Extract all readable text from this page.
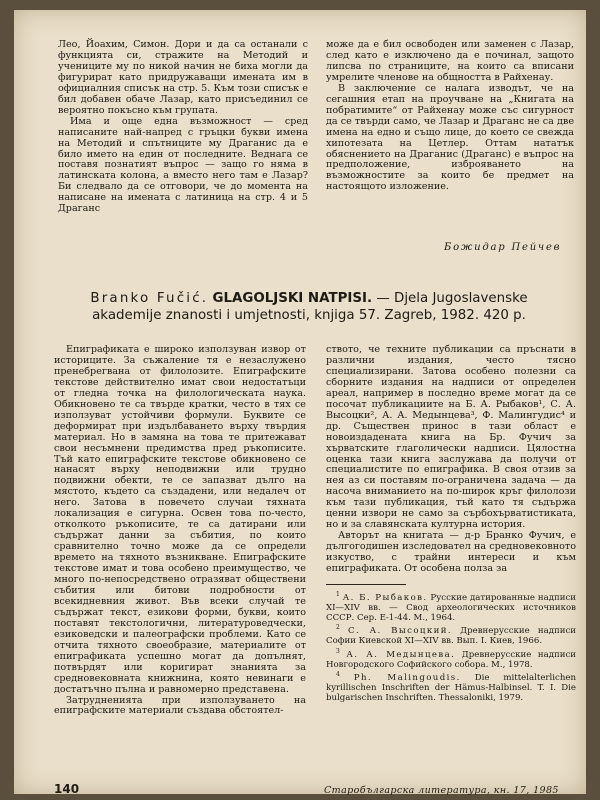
Лео, Йоахим, Симон. Дори и да са останали с функцията си, стражите на Методий и учениците му по никой начин не биха могли да фигурират като придружаващи имената им в официалния списък на стр. 5. Към този списък е бил добавен обаче Лазар, като присъединил се вероятно покъсно към групата.

Има и още една възможност — сред написаните най-напред с гръцки букви имена на Методий и спътниците му Драганис да е било името на един от последните. Веднага се поставя познатият въпрос — защо го няма в латинската колона, а вместо него там е Лазар? Би следвало да се отговори, че до момента на написане на имената с латиница на стр. 4 и 5 Драганс

може да е бил освободен или заменен с Лазар, след като е изключено да е починал, защото липсва по страниците, на които са вписани умрелите членове на общността в Райхенау.

В заключение се налага изводът, че на сегашния етап на проучване на „Книгата на побратимите“ от Райхенау може със сигурност да се твърди само, че Лазар и Драганс не са две имена на едно и също лице, до което се свежда хипотезата на Цетлер. Оттам нататък обяснението на Драганис (Драганс) е въпрос на предположение, изброяването на възможностите за които бе предмет на настоящото изложение.

Божидар Пейчев
Branko Fučić. GLAGOLJSKI NATPISI. — Djela Jugoslavenske
akademije znanosti i umjetnosti, knjiga 57. Zagreb, 1982. 420 p.

Епиграфиката е широко използуван извор от историците. За съжаление тя е незаслужено пренебрегвана от филолозите. Епиграфските текстове действително имат свои недостатъци от гледна точка на филологическата наука. Обикновено те са твърде кратки, често в тях се използуват устойчиви формули. Буквите се деформират при издълбаването върху твърдия материал. Но в замяна на това те притежават свои несъмнени предимства пред ръкописите. Тъй като епиграфските текстове обикновено се нанасят върху неподвижни или трудно подвижни обекти, те се запазват дълго на мястото, където са създадени, или недалеч от него. Затова в повечето случаи тяхната локализация е сигурна. Освен това по-често, отколкото ръкописите, те са датирани или съдържат данни за събития, по които сравнително точно може да се определи времето на тяхното възникване. Епиграфските текстове имат и това особено преимущество, че много по-непосредствено отразяват обществени събития или битови подробности от всекидневния живот. Във всеки случай те съдържат текст, езикови форми, букви, които поставят текстологични, литературоведчески, езиковедски и палеографски проблеми. Като се отчита тяхното своеобразие, материалите от епиграфиката успешно могат да допълнят, потвърдят или коригират знанията за средновековната книжнина, която невинаги е достатъчно пълна и равномерно представена.

Затрудненията при използуването на епиграфските материали създава обстоятел-

ството, че техните публикации са пръснати в различни издания, често тясно специализирани. Затова особено полезни са сборните издания на надписи от определен ареал, например в последно време могат да се посочат публикациите на Б. А. Рыбаков¹, С. А. Высоцки², А. А. Медынцева³, Ф. Малингудис⁴ и др. Съществен принос в тази област е новоиздадената книга на Бр. Фучич за хърватските глаголически надписи. Цялостна оценка тази книга заслужава да получи от специалистите по епиграфика. В своя отзив за нея аз си поставям по-ограничена задача — да насоча вниманието на по-широк кръг филолози към тази публикация, тъй като тя съдържа ценни извори не само за сърбохърватистиката, но и за славянската културна история.

Авторът на книгата — д-р Бранко Фучич, е дългогодишен изследовател на средновековното изкуство, с трайни интереси и към епиграфиката. От особена полза за

$^1$ А. Б. Рыбаков. Русские датированные надписи XI—XIV вв. — Свод археологических источников СССР. Сер. Е-1-44. М., 1964.

$^2$ С. А. Высоцкий. Древнерусские надписи Софии Киевской XI—XIV вв. Вып. I. Киев, 1966.

$^3$ А. А. Медынцева. Древнерусские надписи Новгородского Софийского собора. М., 1978.

$^4$ Ph. Malingoudis. Die mittelalterlichen kyrillischen Inschriften der Hämus-Halbinsel. T. I. Die bulgarischen Inschriften. Thessaloniki, 1979.

140	Старобългарска литература, кн. 17, 1985
